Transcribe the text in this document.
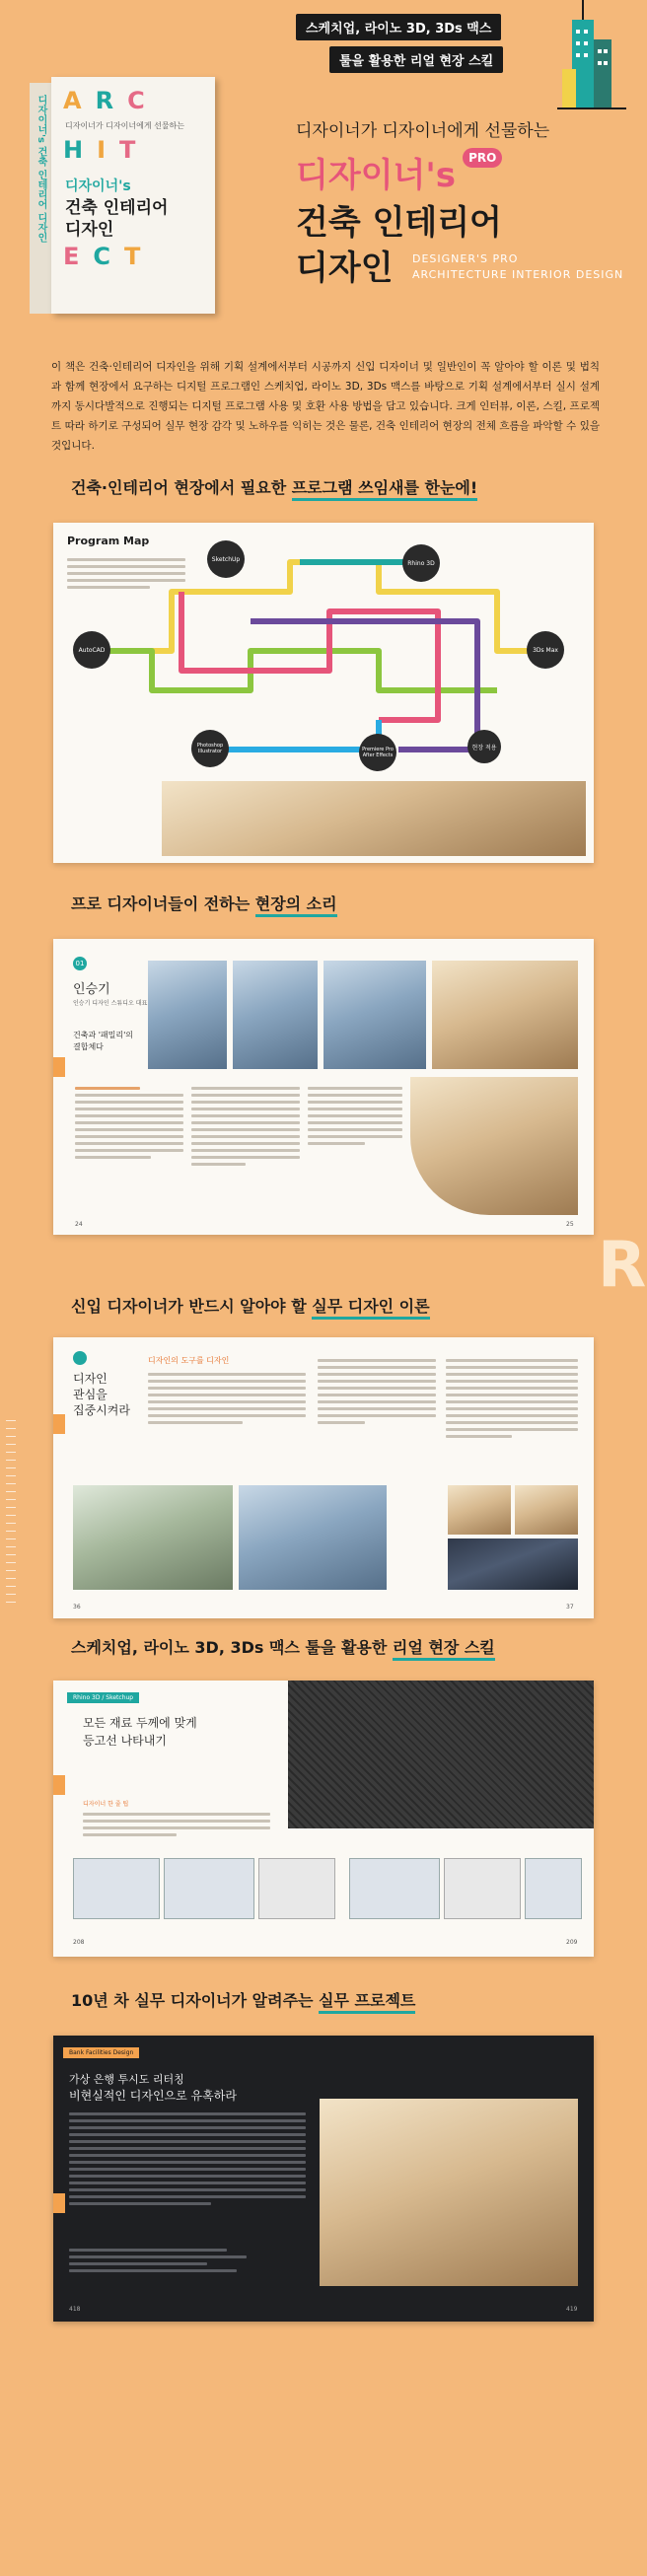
스케치업, 라이노 3D, 3Ds 맥스
툴을 활용한 리얼 현장 스킬
디자이너's 건축 인테리어 디자인 ARC
디자이너가 디자이너에게 선물하는
HIT
디자이너's
건축 인테리어
디자인
ECT
디자이너가 디자이너에게 선물하는
디자이너's PRO
건축 인테리어
디자인 DESIGNER'S PRO
ARCHITECTURE INTERIOR DESIGN
이 책은 건축·인테리어 디자인을 위해 기획 설계에서부터 시공까지 신입 디자이너 및 일반인이 꼭 알아야 할 이론 및 법칙과 함께 현장에서 요구하는 디지털 프로그램인 스케치업, 라이노 3D, 3Ds 맥스를 바탕으로 기획 설계에서부터 실시 설계까지 동시다발적으로 진행되는 디지털 프로그램 사용 및 호환 사용 방법을 담고 있습니다. 크게 인터뷰, 이론, 스킬, 프로젝트 따라 하기로 구성되어 실무 현장 감각 및 노하우를 익히는 것은 물론, 건축 인테리어 현장의 전체 흐름을 파악할 수 있을 것입니다.
건축·인테리어 현장에서 필요한 프로그램 쓰임새를 한눈에!
Program Map
AutoCAD
SketchUp
Rhino 3D
3Ds Max
Photoshop Illustrator	Premiere Pro After Effects
현장 적용
프로 디자이너들이 전하는 현장의 소리
01
인승기
인승기 디자인 스튜디오 대표
건축과 '패밀리'의
결합체다
24	25
R
신입 디자이너가 반드시 알아야 할 실무 디자인 이론
디자인
관심을
집중시켜라
디자인의 도구를 디자인
36	37
스케치업, 라이노 3D, 3Ds 맥스 툴을 활용한 리얼 현장 스킬
Rhino 3D / Sketchup
모든 재료 두께에 맞게
등고선 나타내기
디자이너 한 줄 팁
208	209
10년 차 실무 디자이너가 알려주는 실무 프로젝트
Bank Facilities Design
가상 은행 투시도 리터칭
비현실적인 디자인으로 유혹하라
418	419
